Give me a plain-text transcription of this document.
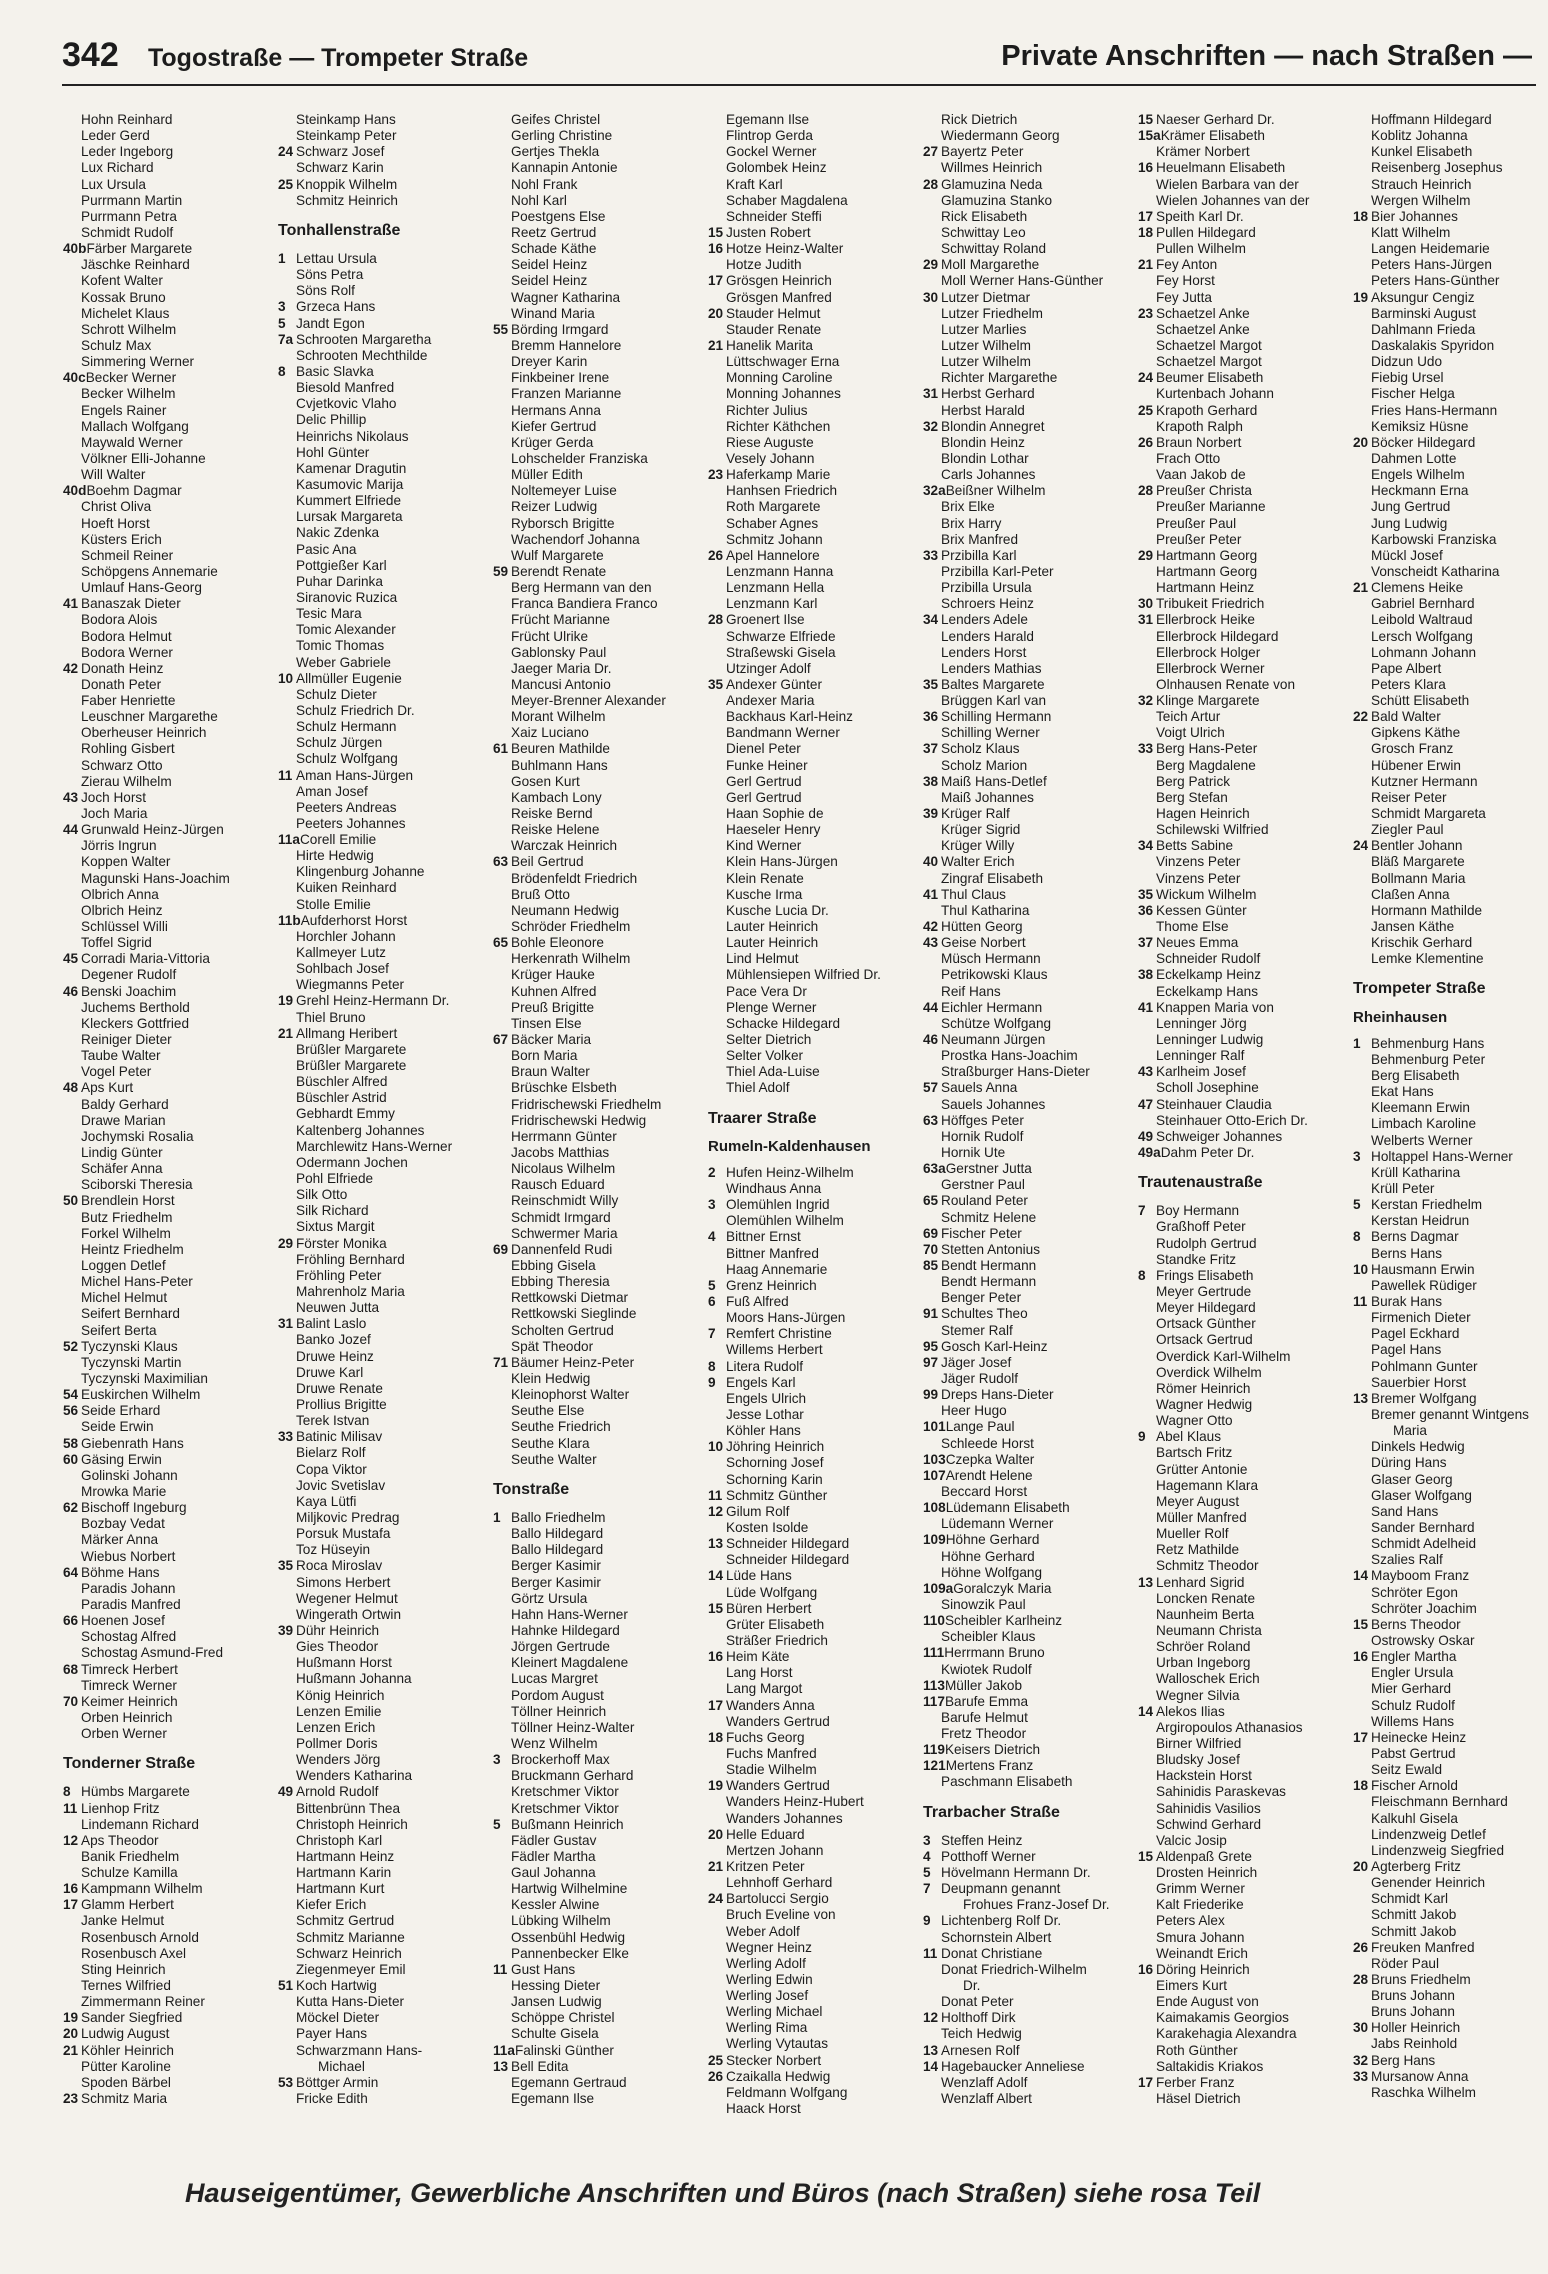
342 Togostraße — Trompeter Straße	Private Anschriften — nach Straßen —
Hohn Reinhard
Leder Gerd
Leder Ingeborg
Lux Richard
Lux Ursula
Purrmann Martin
Purrmann Petra
Schmidt Rudolf
40bFärber Margarete
Jäschke Reinhard
Kofent Walter
Kossak Bruno
Michelet Klaus
Schrott Wilhelm
Schulz Max
Simmering Werner
40cBecker Werner
Becker Wilhelm
Engels Rainer
Mallach Wolfgang
Maywald Werner
Völkner Elli-Johanne
Will Walter
40dBoehm Dagmar
Christ Oliva
Hoeft Horst
Küsters Erich
Schmeil Reiner
Schöpgens Annemarie
Umlauf Hans-Georg
41 Banaszak Dieter
Bodora Alois
Bodora Helmut
Bodora Werner
42 Donath Heinz
Donath Peter
Faber Henriette
Leuschner Margarethe
Oberheuser Heinrich
Rohling Gisbert
Schwarz Otto
Zierau Wilhelm
43 Joch Horst
Joch Maria
44 Grunwald Heinz-Jürgen
Jörris Ingrun
Koppen Walter
Magunski Hans-Joachim
Olbrich Anna
Olbrich Heinz
Schlüssel Willi
Toffel Sigrid
45 Corradi Maria-Vittoria
Degener Rudolf
46 Benski Joachim
Juchems Berthold
Kleckers Gottfried
Reiniger Dieter
Taube Walter
Vogel Peter
48 Aps Kurt
Baldy Gerhard
Drawe Marian
Jochymski Rosalia
Lindig Günter
Schäfer Anna
Sciborski Theresia
50 Brendlein Horst
Butz Friedhelm
Forkel Wilhelm
Heintz Friedhelm
Loggen Detlef
Michel Hans-Peter
Michel Helmut
Seifert Bernhard
Seifert Berta
52 Tyczynski Klaus
Tyczynski Martin
Tyczynski Maximilian
54 Euskirchen Wilhelm
56 Seide Erhard
Seide Erwin
58 Giebenrath Hans
60 Gäsing Erwin
Golinski Johann
Mrowka Marie
62 Bischoff Ingeburg
Bozbay Vedat
Märker Anna
Wiebus Norbert
64 Böhme Hans
Paradis Johann
Paradis Manfred
66 Hoenen Josef
Schostag Alfred
Schostag Asmund-Fred
68 Timreck Herbert
Timreck Werner
70 Keimer Heinrich
Orben Heinrich
Orben Werner
Tonderner Straße
8 Hümbs Margarete
11 Lienhop Fritz
Lindemann Richard
12 Aps Theodor
Banik Friedhelm
Schulze Kamilla
16 Kampmann Wilhelm
17 Glamm Herbert
Janke Helmut
Rosenbusch Arnold
Rosenbusch Axel
Sting Heinrich
Ternes Wilfried
Zimmermann Reiner
19 Sander Siegfried
20 Ludwig August
21 Köhler Heinrich
Pütter Karoline
Spoden Bärbel
23 Schmitz Maria
Steinkamp Hans
Steinkamp Peter
24 Schwarz Josef
Schwarz Karin
25 Knoppik Wilhelm
Schmitz Heinrich
Tonhallenstraße
1 Lettau Ursula
Söns Petra
Söns Rolf
3 Grzeca Hans
5 Jandt Egon
7a Schrooten Margaretha
Schrooten Mechthilde
8 Basic Slavka
Biesold Manfred
Cvjetkovic Vlaho
Delic Phillip
Heinrichs Nikolaus
Hohl Günter
Kamenar Dragutin
Kasumovic Marija
Kummert Elfriede
Lursak Margareta
Nakic Zdenka
Pasic Ana
Pottgießer Karl
Puhar Darinka
Siranovic Ruzica
Tesic Mara
Tomic Alexander
Tomic Thomas
Weber Gabriele
10 Allmüller Eugenie
Schulz Dieter
Schulz Friedrich Dr.
Schulz Hermann
Schulz Jürgen
Schulz Wolfgang
11 Aman Hans-Jürgen
Aman Josef
Peeters Andreas
Peeters Johannes
11aCorell Emilie
Hirte Hedwig
Klingenburg Johanne
Kuiken Reinhard
Stolle Emilie
11bAufderhorst Horst
Horchler Johann
Kallmeyer Lutz
Sohlbach Josef
Wiegmanns Peter
19 Grehl Heinz-Hermann Dr.
Thiel Bruno
21 Allmang Heribert
Brüßler Margarete
Brüßler Margarete
Büschler Alfred
Büschler Astrid
Gebhardt Emmy
Kaltenberg Johannes
Marchlewitz Hans-Werner
Odermann Jochen
Pohl Elfriede
Silk Otto
Silk Richard
Sixtus Margit
29 Förster Monika
Fröhling Bernhard
Fröhling Peter
Mahrenholz Maria
Neuwen Jutta
31 Balint Laslo
Banko Jozef
Druwe Heinz
Druwe Karl
Druwe Renate
Prollius Brigitte
Terek Istvan
33 Batinic Milisav
Bielarz Rolf
Copa Viktor
Jovic Svetislav
Kaya Lütfi
Miljkovic Predrag
Porsuk Mustafa
Toz Hüseyin
35 Roca Miroslav
Simons Herbert
Wegener Helmut
Wingerath Ortwin
39 Dühr Heinrich
Gies Theodor
Hußmann Horst
Hußmann Johanna
König Heinrich
Lenzen Emilie
Lenzen Erich
Pollmer Doris
Wenders Jörg
Wenders Katharina
49 Arnold Rudolf
Bittenbrünn Thea
Christoph Heinrich
Christoph Karl
Hartmann Heinz
Hartmann Karin
Hartmann Kurt
Kiefer Erich
Schmitz Gertrud
Schmitz Marianne
Schwarz Heinrich
Ziegenmeyer Emil
51 Koch Hartwig
Kutta Hans-Dieter
Möckel Dieter
Payer Hans
Schwarzmann Hans-
Michael
53 Böttger Armin
Fricke Edith
Geifes Christel
Gerling Christine
Gertjes Thekla
Kannapin Antonie
Nohl Frank
Nohl Karl
Poestgens Else
Reetz Gertrud
Schade Käthe
Seidel Heinz
Seidel Heinz
Wagner Katharina
Winand Maria
55 Börding Irmgard
Bremm Hannelore
Dreyer Karin
Finkbeiner Irene
Franzen Marianne
Hermans Anna
Kiefer Gertrud
Krüger Gerda
Lohschelder Franziska
Müller Edith
Noltemeyer Luise
Reizer Ludwig
Ryborsch Brigitte
Wachendorf Johanna
Wulf Margarete
59 Berendt Renate
Berg Hermann van den
Franca Bandiera Franco
Frücht Marianne
Frücht Ulrike
Gablonsky Paul
Jaeger Maria Dr.
Mancusi Antonio
Meyer-Brenner Alexander
Morant Wilhelm
Xaiz Luciano
61 Beuren Mathilde
Buhlmann Hans
Gosen Kurt
Kambach Lony
Reiske Bernd
Reiske Helene
Warczak Heinrich
63 Beil Gertrud
Brödenfeldt Friedrich
Bruß Otto
Neumann Hedwig
Schröder Friedhelm
65 Bohle Eleonore
Herkenrath Wilhelm
Krüger Hauke
Kuhnen Alfred
Preuß Brigitte
Tinsen Else
67 Bäcker Maria
Born Maria
Braun Walter
Brüschke Elsbeth
Fridrischewski Friedhelm
Fridrischewski Hedwig
Herrmann Günter
Jacobs Matthias
Nicolaus Wilhelm
Rausch Eduard
Reinschmidt Willy
Schmidt Irmgard
Schwermer Maria
69 Dannenfeld Rudi
Ebbing Gisela
Ebbing Theresia
Rettkowski Dietmar
Rettkowski Sieglinde
Scholten Gertrud
Spät Theodor
71 Bäumer Heinz-Peter
Klein Hedwig
Kleinophorst Walter
Seuthe Else
Seuthe Friedrich
Seuthe Klara
Seuthe Walter
Tonstraße
1 Ballo Friedhelm
Ballo Hildegard
Ballo Hildegard
Berger Kasimir
Berger Kasimir
Görtz Ursula
Hahn Hans-Werner
Hahnke Hildegard
Jörgen Gertrude
Kleinert Magdalene
Lucas Margret
Pordom August
Töllner Heinrich
Töllner Heinz-Walter
Wenz Wilhelm
3 Brockerhoff Max
Bruckmann Gerhard
Kretschmer Viktor
Kretschmer Viktor
5 Bußmann Heinrich
Fädler Gustav
Fädler Martha
Gaul Johanna
Hartwig Wilhelmine
Kessler Alwine
Lübking Wilhelm
Ossenbühl Hedwig
Pannenbecker Elke
11 Gust Hans
Hessing Dieter
Jansen Ludwig
Schöppe Christel
Schulte Gisela
11aFalinski Günther
13 Bell Edita
Egemann Gertraud
Egemann Ilse
Egemann Ilse
Flintrop Gerda
Gockel Werner
Golombek Heinz
Kraft Karl
Schaber Magdalena
Schneider Steffi
15 Justen Robert
16 Hotze Heinz-Walter
Hotze Judith
17 Grösgen Heinrich
Grösgen Manfred
20 Stauder Helmut
Stauder Renate
21 Hanelik Marita
Lüttschwager Erna
Monning Caroline
Monning Johannes
Richter Julius
Richter Käthchen
Riese Auguste
Vesely Johann
23 Haferkamp Marie
Hanhsen Friedrich
Roth Margarete
Schaber Agnes
Schmitz Johann
26 Apel Hannelore
Lenzmann Hanna
Lenzmann Hella
Lenzmann Karl
28 Groenert Ilse
Schwarze Elfriede
Straßewski Gisela
Utzinger Adolf
35 Andexer Günter
Andexer Maria
Backhaus Karl-Heinz
Bandmann Werner
Dienel Peter
Funke Heiner
Gerl Gertrud
Gerl Gertrud
Haan Sophie de
Haeseler Henry
Kind Werner
Klein Hans-Jürgen
Klein Renate
Kusche Irma
Kusche Lucia Dr.
Lauter Heinrich
Lauter Heinrich
Lind Helmut
Mühlensiepen Wilfried Dr.
Pace Vera Dr
Plenge Werner
Schacke Hildegard
Selter Dietrich
Selter Volker
Thiel Ada-Luise
Thiel Adolf
Traarer Straße
Rumeln-Kaldenhausen
2 Hufen Heinz-Wilhelm
Windhaus Anna
3 Olemühlen Ingrid
Olemühlen Wilhelm
4 Bittner Ernst
Bittner Manfred
Haag Annemarie
5 Grenz Heinrich
6 Fuß Alfred
Moors Hans-Jürgen
7 Remfert Christine
Willems Herbert
8 Litera Rudolf
9 Engels Karl
Engels Ulrich
Jesse Lothar
Köhler Hans
10 Jöhring Heinrich
Schorning Josef
Schorning Karin
11 Schmitz Günther
12 Gilum Rolf
Kosten Isolde
13 Schneider Hildegard
Schneider Hildegard
14 Lüde Hans
Lüde Wolfgang
15 Büren Herbert
Grüter Elisabeth
Sträßer Friedrich
16 Heim Käte
Lang Horst
Lang Margot
17 Wanders Anna
Wanders Gertrud
18 Fuchs Georg
Fuchs Manfred
Stadie Wilhelm
19 Wanders Gertrud
Wanders Heinz-Hubert
Wanders Johannes
20 Helle Eduard
Mertzen Johann
21 Kritzen Peter
Lehnhoff Gerhard
24 Bartolucci Sergio
Bruch Eveline von
Weber Adolf
Wegner Heinz
Werling Adolf
Werling Edwin
Werling Josef
Werling Michael
Werling Rima
Werling Vytautas
25 Stecker Norbert
26 Czaikalla Hedwig
Feldmann Wolfgang
Haack Horst
Rick Dietrich
Wiedermann Georg
27 Bayertz Peter
Willmes Heinrich
28 Glamuzina Neda
Glamuzina Stanko
Rick Elisabeth
Schwittay Leo
Schwittay Roland
29 Moll Margarethe
Moll Werner Hans-Günther
30 Lutzer Dietmar
Lutzer Friedhelm
Lutzer Marlies
Lutzer Wilhelm
Lutzer Wilhelm
Richter Margarethe
31 Herbst Gerhard
Herbst Harald
32 Blondin Annegret
Blondin Heinz
Blondin Lothar
Carls Johannes
32aBeißner Wilhelm
Brix Elke
Brix Harry
Brix Manfred
33 Przibilla Karl
Przibilla Karl-Peter
Przibilla Ursula
Schroers Heinz
34 Lenders Adele
Lenders Harald
Lenders Horst
Lenders Mathias
35 Baltes Margarete
Brüggen Karl van
36 Schilling Hermann
Schilling Werner
37 Scholz Klaus
Scholz Marion
38 Maiß Hans-Detlef
Maiß Johannes
39 Krüger Ralf
Krüger Sigrid
Krüger Willy
40 Walter Erich
Zingraf Elisabeth
41 Thul Claus
Thul Katharina
42 Hütten Georg
43 Geise Norbert
Müsch Hermann
Petrikowski Klaus
Reif Hans
44 Eichler Hermann
Schütze Wolfgang
46 Neumann Jürgen
Prostka Hans-Joachim
Straßburger Hans-Dieter
57 Sauels Anna
Sauels Johannes
63 Höffges Peter
Hornik Rudolf
Hornik Ute
63aGerstner Jutta
Gerstner Paul
65 Rouland Peter
Schmitz Helene
69 Fischer Peter
70 Stetten Antonius
85 Bendt Hermann
Bendt Hermann
Benger Peter
91 Schultes Theo
Stemer Ralf
95 Gosch Karl-Heinz
97 Jäger Josef
Jäger Rudolf
99 Dreps Hans-Dieter
Heer Hugo
101Lange Paul
Schleede Horst
103Czepka Walter
107Arendt Helene
Beccard Horst
108Lüdemann Elisabeth
Lüdemann Werner
109Höhne Gerhard
Höhne Gerhard
Höhne Wolfgang
109aGoralczyk Maria
Sinowzik Paul
110Scheibler Karlheinz
Scheibler Klaus
111Herrmann Bruno
Kwiotek Rudolf
113Müller Jakob
117Barufe Emma
Barufe Helmut
Fretz Theodor
119Keisers Dietrich
121Mertens Franz
Paschmann Elisabeth
Trarbacher Straße
3 Steffen Heinz
4 Potthoff Werner
5 Hövelmann Hermann Dr.
7 Deupmann genannt
Frohues Franz-Josef Dr.
9 Lichtenberg Rolf Dr.
Schornstein Albert
11 Donat Christiane
Donat Friedrich-Wilhelm
Dr.
Donat Peter
12 Holthoff Dirk
Teich Hedwig
13 Arnesen Rolf
14 Hagebaucker Anneliese
Wenzlaff Adolf
Wenzlaff Albert
15 Naeser Gerhard Dr.
15aKrämer Elisabeth
Krämer Norbert
16 Heuelmann Elisabeth
Wielen Barbara van der
Wielen Johannes van der
17 Speith Karl Dr.
18 Pullen Hildegard
Pullen Wilhelm
21 Fey Anton
Fey Horst
Fey Jutta
23 Schaetzel Anke
Schaetzel Anke
Schaetzel Margot
Schaetzel Margot
24 Beumer Elisabeth
Kurtenbach Johann
25 Krapoth Gerhard
Krapoth Ralph
26 Braun Norbert
Frach Otto
Vaan Jakob de
28 Preußer Christa
Preußer Marianne
Preußer Paul
Preußer Peter
29 Hartmann Georg
Hartmann Georg
Hartmann Heinz
30 Tribukeit Friedrich
31 Ellerbrock Heike
Ellerbrock Hildegard
Ellerbrock Holger
Ellerbrock Werner
Olnhausen Renate von
32 Klinge Margarete
Teich Artur
Voigt Ulrich
33 Berg Hans-Peter
Berg Magdalene
Berg Patrick
Berg Stefan
Hagen Heinrich
Schilewski Wilfried
34 Betts Sabine
Vinzens Peter
Vinzens Peter
35 Wickum Wilhelm
36 Kessen Günter
Thome Else
37 Neues Emma
Schneider Rudolf
38 Eckelkamp Heinz
Eckelkamp Hans
41 Knappen Maria von
Lenninger Jörg
Lenninger Ludwig
Lenninger Ralf
43 Karlheim Josef
Scholl Josephine
47 Steinhauer Claudia
Steinhauer Otto-Erich Dr.
49 Schweiger Johannes
49aDahm Peter Dr.
Trautenaustraße
7 Boy Hermann
Graßhoff Peter
Rudolph Gertrud
Standke Fritz
8 Frings Elisabeth
Meyer Gertrude
Meyer Hildegard
Ortsack Günther
Ortsack Gertrud
Overdick Karl-Wilhelm
Overdick Wilhelm
Römer Heinrich
Wagner Hedwig
Wagner Otto
9 Abel Klaus
Bartsch Fritz
Grütter Antonie
Hagemann Klara
Meyer August
Müller Manfred
Mueller Rolf
Retz Mathilde
Schmitz Theodor
13 Lenhard Sigrid
Loncken Renate
Naunheim Berta
Neumann Christa
Schröer Roland
Urban Ingeborg
Walloschek Erich
Wegner Silvia
14 Alekos Ilias
Argiropoulos Athanasios
Birner Wilfried
Bludsky Josef
Hackstein Horst
Sahinidis Paraskevas
Sahinidis Vasilios
Schwind Gerhard
Valcic Josip
15 Aldenpaß Grete
Drosten Heinrich
Grimm Werner
Kalt Friederike
Peters Alex
Smura Johann
Weinandt Erich
16 Döring Heinrich
Eimers Kurt
Ende August von
Kaimakamis Georgios
Karakehagia Alexandra
Roth Günther
Saltakidis Kriakos
17 Ferber Franz
Häsel Dietrich
Hoffmann Hildegard
Koblitz Johanna
Kunkel Elisabeth
Reisenberg Josephus
Strauch Heinrich
Wergen Wilhelm
18 Bier Johannes
Klatt Wilhelm
Langen Heidemarie
Peters Hans-Jürgen
Peters Hans-Günther
19 Aksungur Cengiz
Barminski August
Dahlmann Frieda
Daskalakis Spyridon
Didzun Udo
Fiebig Ursel
Fischer Helga
Fries Hans-Hermann
Kemiksiz Hüsne
20 Böcker Hildegard
Dahmen Lotte
Engels Wilhelm
Heckmann Erna
Jung Gertrud
Jung Ludwig
Karbowski Franziska
Mückl Josef
Vonscheidt Katharina
21 Clemens Heike
Gabriel Bernhard
Leibold Waltraud
Lersch Wolfgang
Lohmann Johann
Pape Albert
Peters Klara
Schütt Elisabeth
22 Bald Walter
Gipkens Käthe
Grosch Franz
Hübener Erwin
Kutzner Hermann
Reiser Peter
Schmidt Margareta
Ziegler Paul
24 Bentler Johann
Bläß Margarete
Bollmann Maria
Claßen Anna
Hormann Mathilde
Jansen Käthe
Krischik Gerhard
Lemke Klementine
Trompeter Straße
Rheinhausen
1 Behmenburg Hans
Behmenburg Peter
Berg Elisabeth
Ekat Hans
Kleemann Erwin
Limbach Karoline
Welberts Werner
3 Holtappel Hans-Werner
Krüll Katharina
Krüll Peter
5 Kerstan Friedhelm
Kerstan Heidrun
8 Berns Dagmar
Berns Hans
10 Hausmann Erwin
Pawellek Rüdiger
11 Burak Hans
Firmenich Dieter
Pagel Eckhard
Pagel Hans
Pohlmann Gunter
Sauerbier Horst
13 Bremer Wolfgang
Bremer genannt Wintgens
Maria
Dinkels Hedwig
Düring Hans
Glaser Georg
Glaser Wolfgang
Sand Hans
Sander Bernhard
Schmidt Adelheid
Szalies Ralf
14 Mayboom Franz
Schröter Egon
Schröter Joachim
15 Berns Theodor
Ostrowsky Oskar
16 Engler Martha
Engler Ursula
Mier Gerhard
Schulz Rudolf
Willems Hans
17 Heinecke Heinz
Pabst Gertrud
Seitz Ewald
18 Fischer Arnold
Fleischmann Bernhard
Kalkuhl Gisela
Lindenzweig Detlef
Lindenzweig Siegfried
20 Agterberg Fritz
Genender Heinrich
Schmidt Karl
Schmitt Jakob
Schmitt Jakob
26 Freuken Manfred
Röder Paul
28 Bruns Friedhelm
Bruns Johann
Bruns Johann
30 Holler Heinrich
Jabs Reinhold
32 Berg Hans
33 Mursanow Anna
Raschka Wilhelm
Hauseigentümer, Gewerbliche Anschriften und Büros (nach Straßen) siehe rosa Teil
